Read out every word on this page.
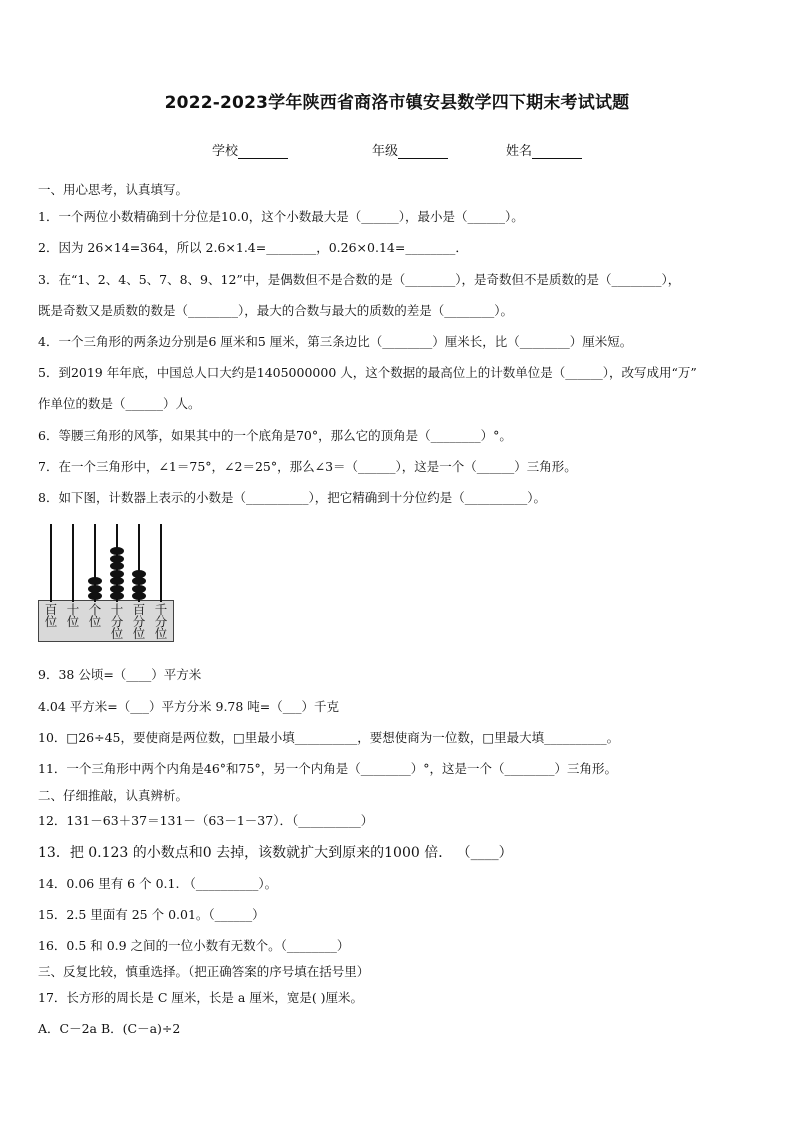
2022-2023学年陕西省商洛市镇安县数学四下期末考试试题
学校	年级	姓名
一、用心思考，认真填写。
1．一个两位小数精确到十分位是10.0，这个小数最大是（______），最小是（______）。
2．因为 26×14=364，所以 2.6×1.4=________，0.26×0.14=________．
3．在“1、2、4、5、7、8、9、12”中，是偶数但不是合数的是（________），是奇数但不是质数的是（________），
既是奇数又是质数的数是（________），最大的合数与最大的质数的差是（________）。
4．一个三角形的两条边分别是6 厘米和5 厘米，第三条边比（________）厘米长，比（________）厘米短。
5．到2019 年年底，中国总人口大约是1405000000 人，这个数据的最高位上的计数单位是（______），改写成用“万”
作单位的数是（______）人。
6．等腰三角形的风筝，如果其中的一个底角是70°，那么它的顶角是（________）°。
7．在一个三角形中，∠1＝75°，∠2＝25°，那么∠3＝（______），这是一个（______）三角形。
8．如下图，计数器上表示的小数是（__________），把它精确到十分位约是（__________）。
百
位
十
位
个
位
十
分
位
百
分
位
千
分
位
9．38 公顷=（____）平方米
4.04 平方米=（___）平方分米 9.78 吨=（___）千克
10．□26÷45，要使商是两位数，□里最小填__________，要想使商为一位数，□里最大填__________。
11．一个三角形中两个内角是46°和75°，另一个内角是（________）°，这是一个（________）三角形。
二、仔细推敲，认真辨析。
12．131－63＋37＝131－（63－1－37）．（__________）
13．把 0.123 的小数点和0 去掉，该数就扩大到原来的1000 倍． （____）
14．0.06 里有 6 个 0.1. （__________）。
15．2.5 里面有 25 个 0.01。（______）
16．0.5 和 0.9 之间的一位小数有无数个。（________）
三、反复比较，慎重选择。（把正确答案的序号填在括号里）
17．长方形的周长是 C 厘米，长是 a 厘米，宽是( )厘米。
A．C－2a B．(C－a)÷2
